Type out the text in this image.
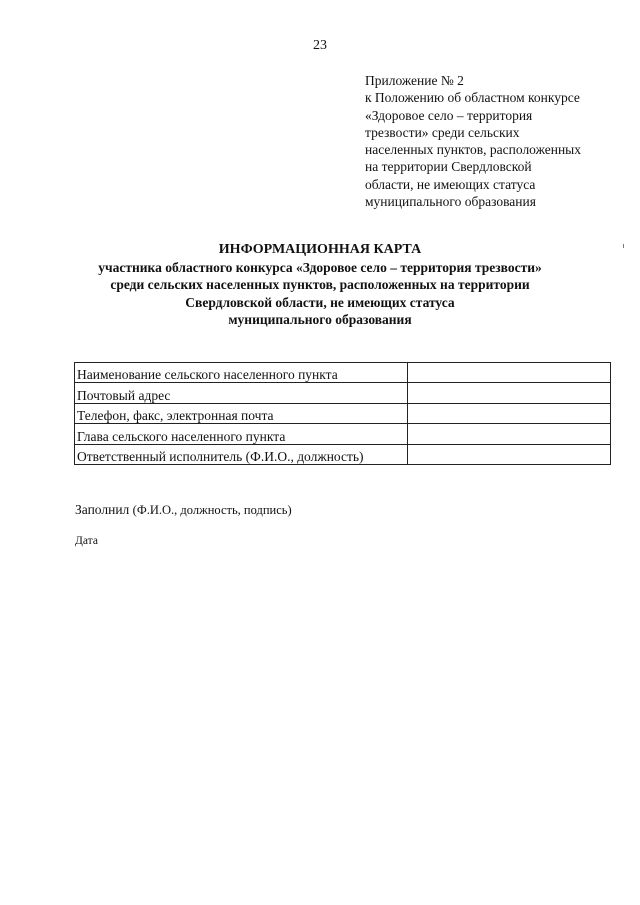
23
Приложение № 2
к Положению об областном конкурсе
«Здоровое село – территория
трезвости» среди сельских
населенных пунктов, расположенных
на территории Свердловской
области, не имеющих статуса
муниципального образования
ИНФОРМАЦИОННАЯ КАРТА
участника областного конкурса «Здоровое село – территория трезвости»
среди сельских населенных пунктов, расположенных на территории
Свердловской области, не имеющих статуса
муниципального образования
Наименование сельского населенного пункта	
Почтовый адрес	
Телефон, факс, электронная почта	
Глава сельского населенного пункта	
Ответственный исполнитель (Ф.И.О., должность)	
Заполнил (Ф.И.О., должность, подпись)
Дата
